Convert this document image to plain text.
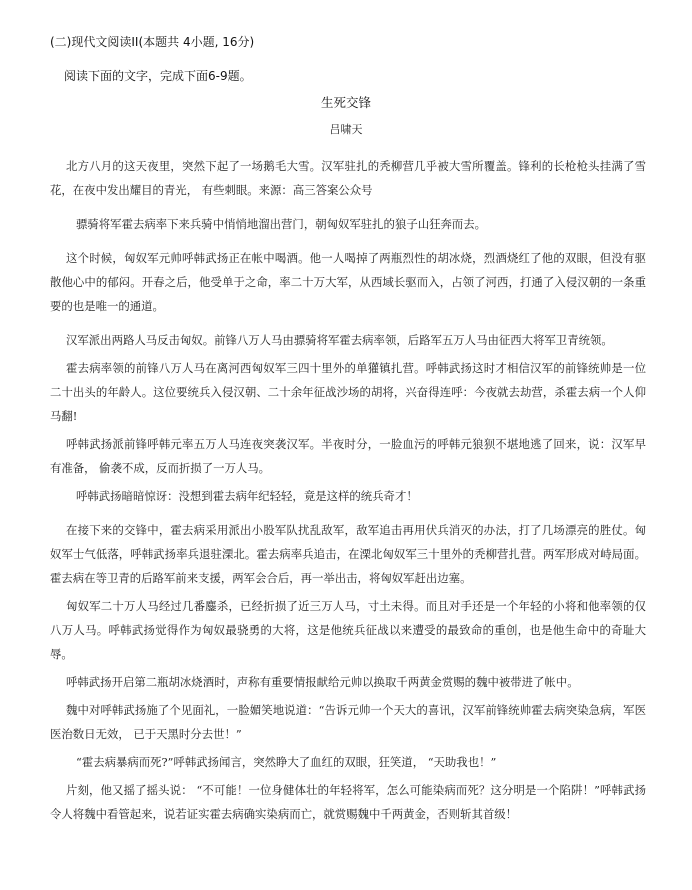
(二)现代文阅读II(本题共 4小题, 16分)
阅读下面的文字，完成下面6-9题。
生死交锋
吕啸天

北方八月的这天夜里，突然下起了一场鹅毛大雪。汉军驻扎的秃柳营几乎被大雪所覆盖。锋利的长枪枪头挂满了雪花，在夜中发出耀目的青光， 有些刺眼。来源：高三答案公众号

骠骑将军霍去病率下来兵骑中悄悄地溜出营门，朝匈奴军驻扎的狼子山狂奔而去。

这个时候，匈奴军元帅呼韩武扬正在帐中喝酒。他一人喝掉了两瓶烈性的胡冰烧，烈酒烧红了他的双眼，但没有驱散他心中的郁闷。开春之后，他受单于之命，率二十万大军，从西域长驱而入，占领了河西，打通了入侵汉朝的一条重要的也是唯一的通道。

汉军派出两路人马反击匈奴。前锋八万人马由骠骑将军霍去病率领，后路军五万人马由征西大将军卫青统领。

霍去病率领的前锋八万人马在离河西匈奴军三四十里外的单獾镇扎营。呼韩武扬这时才相信汉军的前锋统帅是一位二十出头的年龄人。这位要统兵入侵汉朝、二十余年征战沙场的胡将，兴奋得连呼：今夜就去劫营，杀霍去病一个人仰马翻!

呼韩武扬派前锋呼韩元率五万人马连夜突袭汉军。半夜时分，一脸血污的呼韩元狼狈不堪地逃了回来，说：汉军早有准备， 偷袭不成，反而折损了一万人马。

呼韩武扬暗暗惊讶：没想到霍去病年纪轻轻，竟是这样的统兵奇才！

在接下来的交锋中，霍去病采用派出小股军队扰乱敌军，敌军追击再用伏兵消灭的办法，打了几场漂亮的胜仗。匈奴军士气低落，呼韩武扬率兵退驻溧北。霍去病率兵追击，在溧北匈奴军三十里外的秃柳营扎营。两军形成对峙局面。霍去病在等卫青的后路军前来支援，两军会合后，再一举出击，将匈奴军赶出边塞。

匈奴军二十万人马经过几番鏖杀，已经折损了近三万人马，寸土未得。而且对手还是一个年轻的小将和他率领的仅八万人马。呼韩武扬觉得作为匈奴最骁勇的大将，这是他统兵征战以来遭受的最致命的重创，也是他生命中的奇耻大辱。

呼韩武扬开启第二瓶胡冰烧酒时，声称有重要情报献给元帅以换取千两黄金赏赐的魏中被带进了帐中。

魏中对呼韩武扬施了个见面礼，一脸媚笑地说道：“告诉元帅一个天大的喜讯，汉军前锋统帅霍去病突染急病，军医医治数日无效， 已于天黑时分去世！”

“霍去病暴病而死?”呼韩武扬闻言，突然睁大了血红的双眼，狂笑道， “天助我也！”

片刻，他又摇了摇头说： “不可能！一位身健体壮的年轻将军，怎么可能染病而死？这分明是一个陷阱！”呼韩武扬令人将魏中看管起来，说若证实霍去病确实染病而亡，就赏赐魏中千两黄金，否则斩其首级！
